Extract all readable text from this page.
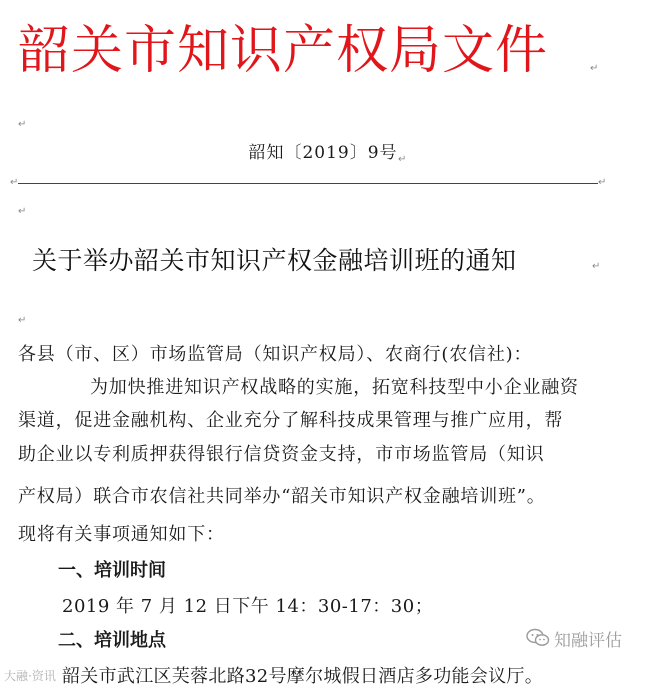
韶关市知识产权局文件	↵
↵
韶知〔2019〕9号 ↵
↵	↵
↵
关于举办韶关市知识产权金融培训班的通知	↵
↵
各县（市、区）市场监管局（知识产权局）、农商行(农信社)：
为加快推进知识产权战略的实施，拓宽科技型中小企业融资
渠道，促进金融机构、企业充分了解科技成果管理与推广应用，帮
助企业以专利质押获得银行信贷资金支持，市市场监管局（知识
产权局）联合市农信社共同举办“韶关市知识产权金融培训班”。
现将有关事项通知如下：
一、培训时间
2019 年 7 月 12 日下午 14：30-17：30；
二、培训地点
韶关市武江区芙蓉北路32号摩尔城假日酒店多功能会议厅。
大融·资讯
知融评估
